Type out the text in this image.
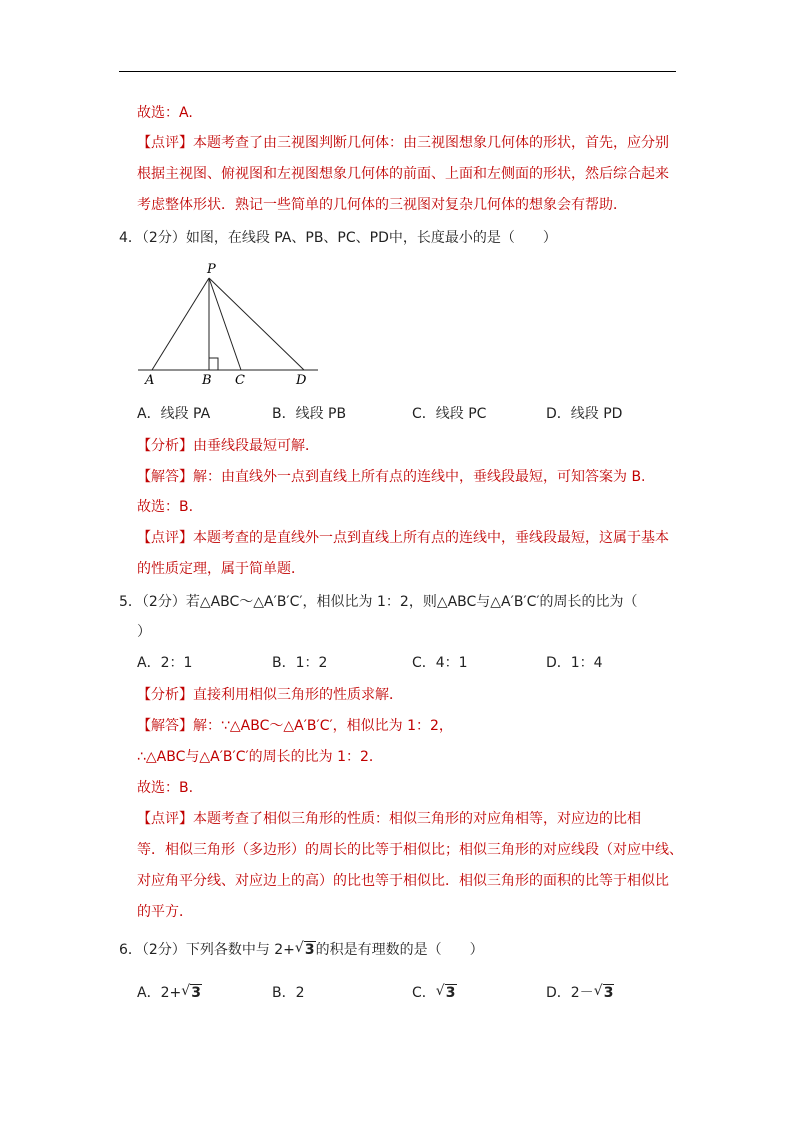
故选：A.
【点评】本题考查了由三视图判断几何体：由三视图想象几何体的形状，首先，应分别
根据主视图、俯视图和左视图想象几何体的前面、上面和左侧面的形状，然后综合起来
考虑整体形状．熟记一些简单的几何体的三视图对复杂几何体的想象会有帮助．
4．（2分）如图，在线段 PA、PB、PC、PD中，长度最小的是（　　）
P
A	B C	D
A．线段 PA	B．线段 PB	C．线段 PC	D．线段 PD
【分析】由垂线段最短可解．
【解答】解：由直线外一点到直线上所有点的连线中，垂线段最短，可知答案为 B.
故选：B.
【点评】本题考查的是直线外一点到直线上所有点的连线中，垂线段最短，这属于基本
的性质定理，属于简单题．
5．（2分）若△ABC～△A′B′C′，相似比为 1：2，则△ABC与△A′B′C′的周长的比为（
）
A．2：1	B．1：2	C．4：1	D．1：4
【分析】直接利用相似三角形的性质求解．
【解答】解：∵△ABC～△A′B′C′，相似比为 1：2，
∴△ABC与△A′B′C′的周长的比为 1：2．
故选：B.
【点评】本题考查了相似三角形的性质：相似三角形的对应角相等，对应边的比相
等．相似三角形（多边形）的周长的比等于相似比；相似三角形的对应线段（对应中线、
对应角平分线、对应边上的高）的比也等于相似比．相似三角形的面积的比等于相似比
的平方．
6．（2分）下列各数中与 2+ √ 3的积是有理数的是（　　）
A．2+ √ 3	B．2	C． √ 3	D．2－ √ 3
